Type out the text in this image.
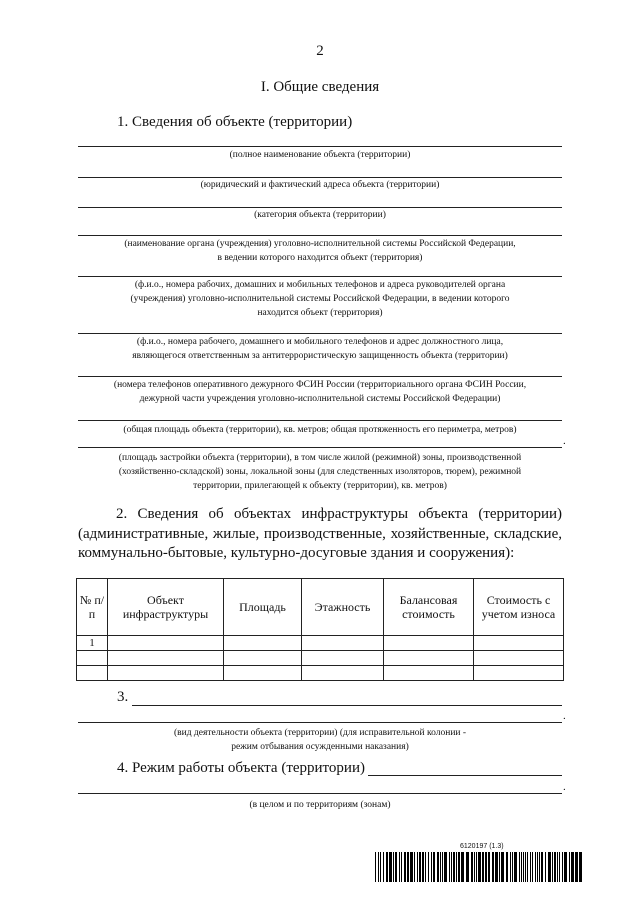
2
I. Общие сведения
1. Сведения об объекте (территории)
(полное наименование объекта (территории)
(юридический и фактический адреса объекта (территории)
(категория объекта (территории)
(наименование органа (учреждения) уголовно-исполнительной системы Российской Федерации,
в ведении которого находится объект (территория)
(ф.и.о., номера рабочих, домашних и мобильных телефонов и адреса руководителей органа
(учреждения) уголовно-исполнительной системы Российской Федерации, в ведении которого
находится объект (территория)
(ф.и.о., номера рабочего, домашнего и мобильного телефонов и адрес должностного лица,
являющегося ответственным за антитеррористическую защищенность объекта (территории)
(номера телефонов оперативного дежурного ФСИН России (территориального органа ФСИН России,
дежурной части учреждения уголовно-исполнительной системы Российской Федерации)
(общая площадь объекта (территории), кв. метров; общая протяженность его периметра, метров)
.
(площадь застройки объекта (территории), в том числе жилой (режимной) зоны, производственной
(хозяйственно-складской) зоны, локальной зоны (для следственных изоляторов, тюрем), режимной
территории, прилегающей к объекту (территории), кв. метров)
2. Сведения об объектах инфраструктуры объекта (территории) (административные, жилые, производственные, хозяйственные, складские, коммунально-бытовые, культурно-досуговые здания и сооружения):
№ п/п	Объект инфраструктуры	Площадь	Этажность	Балансовая стоимость	Стоимость с учетом износа
1					

3.
.
(вид деятельности объекта (территории) (для исправительной колонии -
режим отбывания осужденными наказания)
4. Режим работы объекта (территории)
.
(в целом и по территориям (зонам)
6120197 (1.3)
